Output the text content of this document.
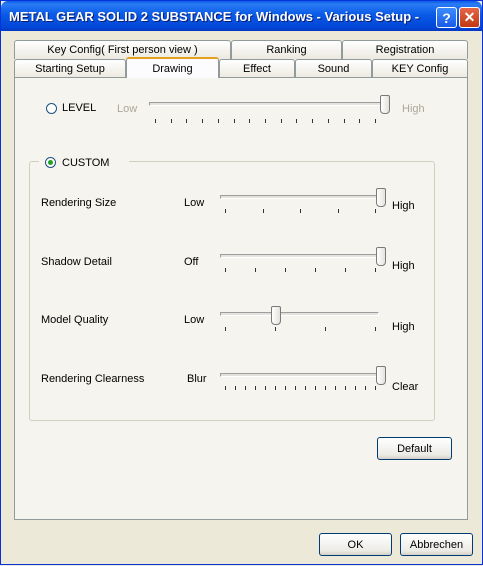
METAL GEAR SOLID 2 SUBSTANCE for Windows - Various Setup - ? ✕
Key Config( First person view )	Ranking	Registration
Starting Setup	Drawing	Effect	Sound	KEY Config
LEVEL Low	High
CUSTOM
Rendering Size	Low	High
Shadow Detail	Off	High
Model Quality	Low
High
Rendering Clearness	Blur
Clear
Default
OK	Abbrechen
